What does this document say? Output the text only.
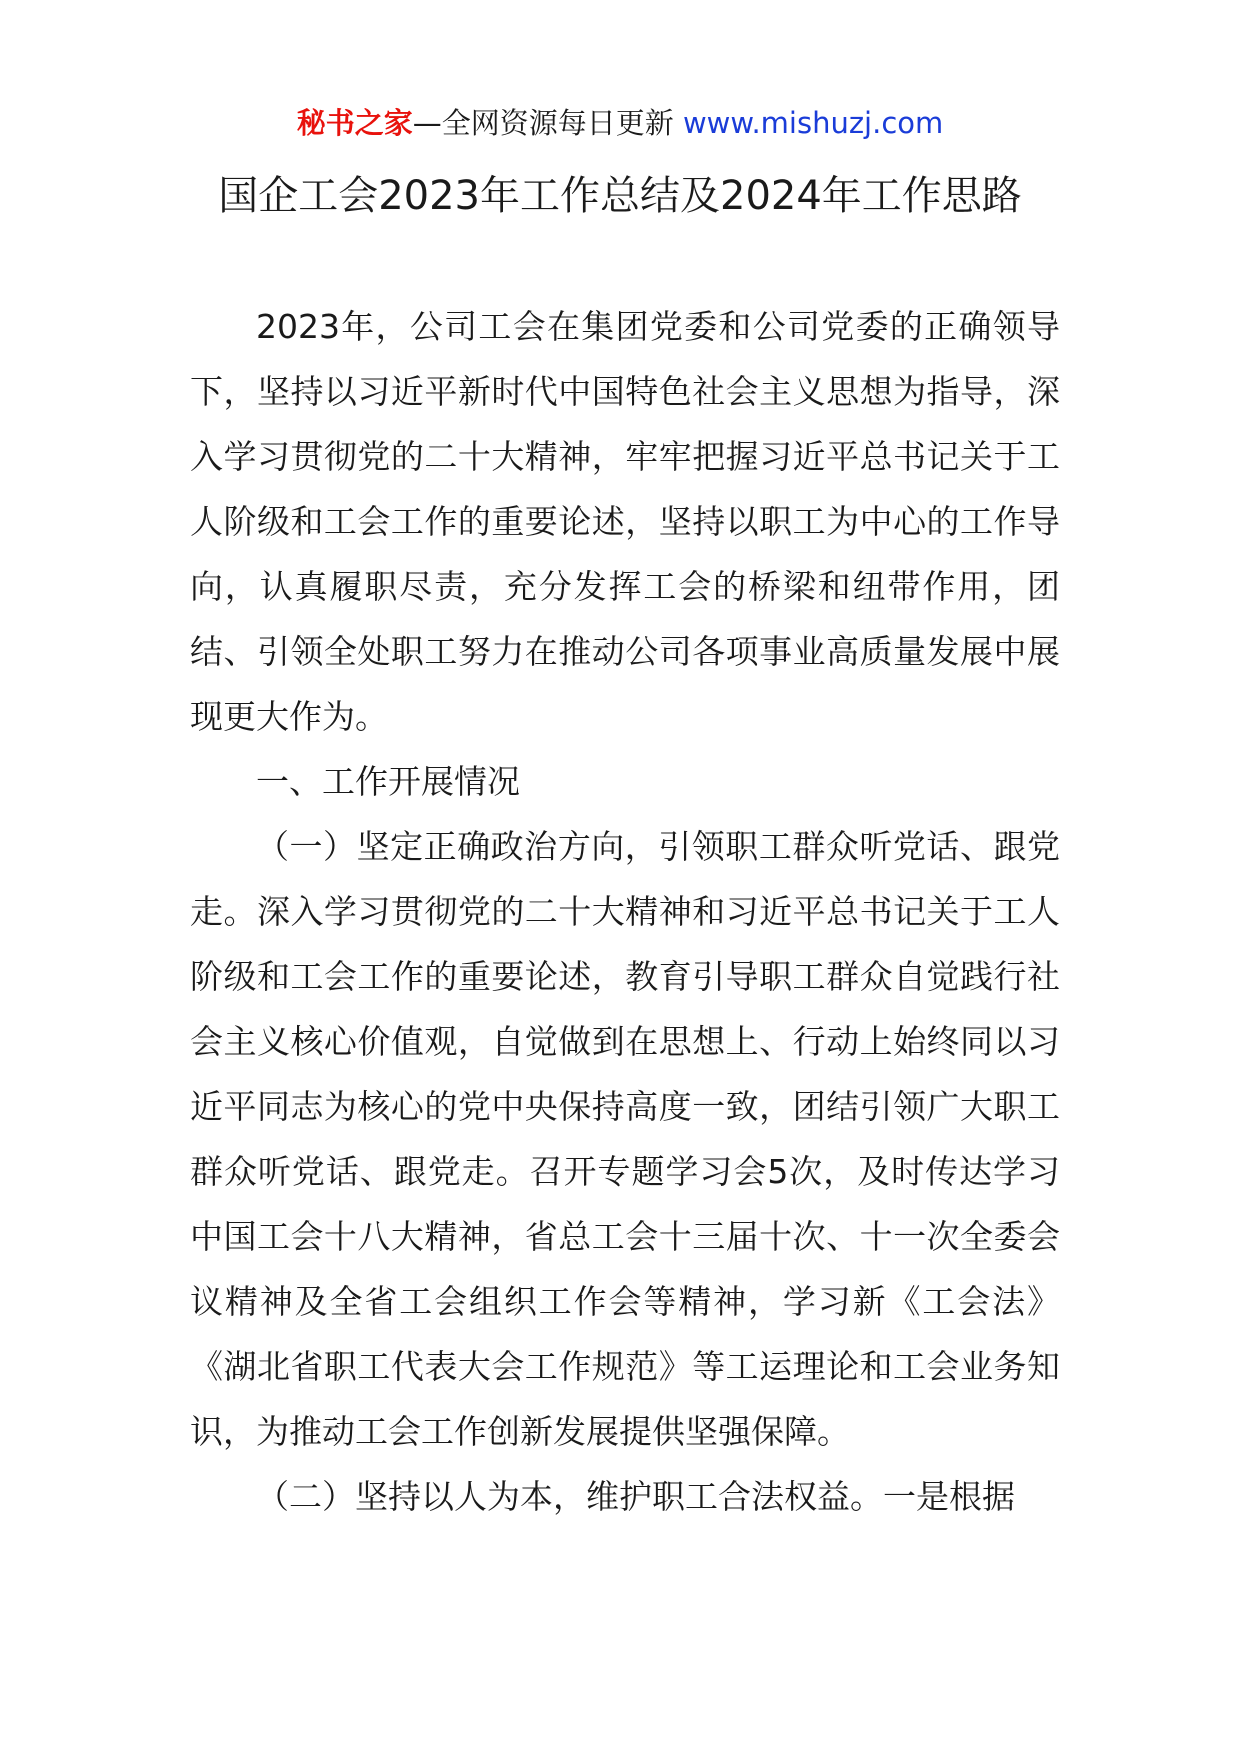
秘书之家—全网资源每日更新 www.mishuzj.com
国企工会2023年工作总结及2024年工作思路

2023年，公司工会在集团党委和公司党委的正确领导下，坚持以习近平新时代中国特色社会主义思想为指导，深入学习贯彻党的二十大精神，牢牢把握习近平总书记关于工人阶级和工会工作的重要论述，坚持以职工为中心的工作导向，认真履职尽责，充分发挥工会的桥梁和纽带作用，团结、引领全处职工努力在推动公司各项事业高质量发展中展现更大作为。

一、工作开展情况

（一）坚定正确政治方向，引领职工群众听党话、跟党走。深入学习贯彻党的二十大精神和习近平总书记关于工人阶级和工会工作的重要论述，教育引导职工群众自觉践行社会主义核心价值观，自觉做到在思想上、行动上始终同以习近平同志为核心的党中央保持高度一致，团结引领广大职工群众听党话、跟党走。召开专题学习会5次，及时传达学习中国工会十八大精神，省总工会十三届十次、十一次全委会议精神及全省工会组织工作会等精神，学习新《工会法》《湖北省职工代表大会工作规范》等工运理论和工会业务知识，为推动工会工作创新发展提供坚强保障。

（二）坚持以人为本，维护职工合法权益。一是根据
